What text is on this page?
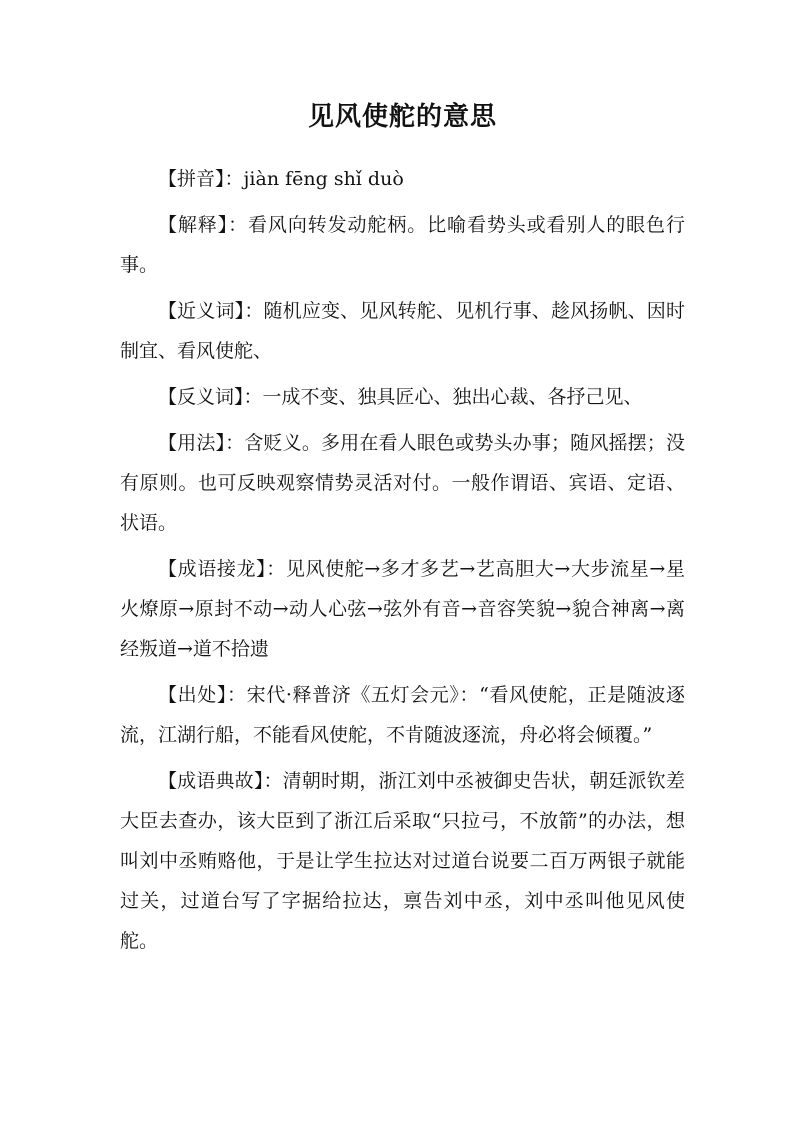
见风使舵的意思

【拼音】：jiàn fēng shǐ duò

【解释】：看风向转发动舵柄。比喻看势头或看别人的眼色行事。

【近义词】：随机应变、见风转舵、见机行事、趁风扬帆、因时制宜、看风使舵、

【反义词】：一成不变、独具匠心、独出心裁、各抒己见、

【用法】：含贬义。多用在看人眼色或势头办事；随风摇摆；没有原则。也可反映观察情势灵活对付。一般作谓语、宾语、定语、状语。

【成语接龙】：见风使舵→多才多艺→艺高胆大→大步流星→星火燎原→原封不动→动人心弦→弦外有音→音容笑貌→貌合神离→离经叛道→道不拾遗

【出处】：宋代·释普济《五灯会元》：“看风使舵，正是随波逐流，江湖行船，不能看风使舵，不肯随波逐流，舟必将会倾覆。”

【成语典故】：清朝时期，浙江刘中丞被御史告状，朝廷派钦差大臣去查办，该大臣到了浙江后采取“只拉弓，不放箭”的办法，想叫刘中丞贿赂他，于是让学生拉达对过道台说要二百万两银子就能过关，过道台写了字据给拉达，禀告刘中丞，刘中丞叫他见风使舵。
